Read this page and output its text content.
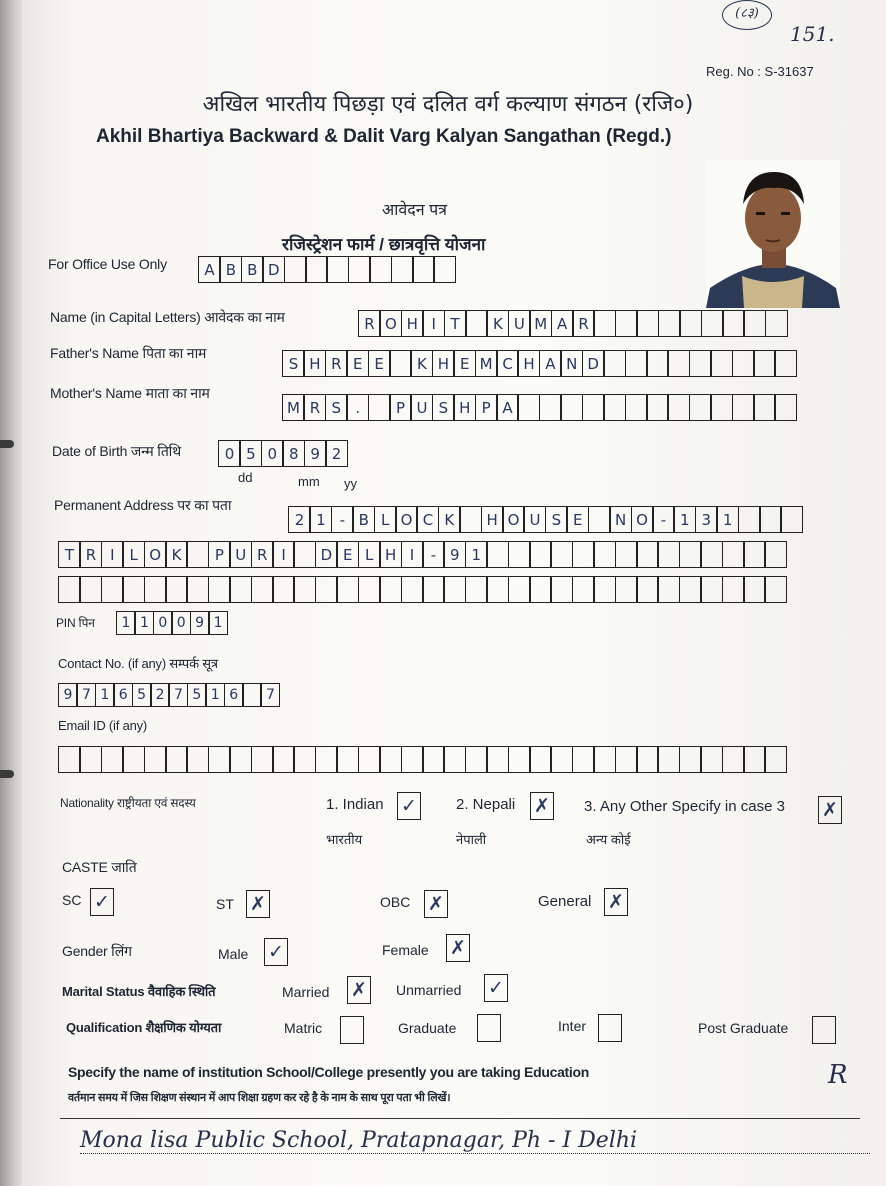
(८३)
151.
Reg. No : S-31637
अखिल भारतीय पिछड़ा एवं दलित वर्ग कल्याण संगठन (रजि०)
Akhil Bhartiya Backward & Dalit Varg Kalyan Sangathan (Regd.)
आवेदन पत्र
रजिस्ट्रेशन फार्म / छात्रवृत्ति योजना
For Office Use Only	A B B D
Name (in Capital Letters) आवेदक का नाम	R O H I T	K U M A R
Father's Name पिता का नाम
S H R E E	K H E M C H A N D
Mother's Name माता का नाम
M R S .	P U S H P A
Date of Birth जन्म तिथि	0 5 0 8 9 2
dd	mm yy
Permanent Address पर का पता
2 1 - B L O C K	H O U S E	N O - 1 3 1
T R I	L O K	P U R I	D E L H I	- 9 1
PIN पिन	1 1 0 0 9 1
Contact No. (if any) सम्पर्क सूत्र
9 7 1 6 5 2 7 5 1 6	7
Email ID (if any)
Nationality राष्ट्रीयता एवं सदस्य	1. Indian ✓
भारतीय
2. Nepali ✗
नेपाली
3. Any Other Specify in case 3 ✗
अन्य कोई
CASTE जाति
SC ✓	ST ✗	OBC ✗	General ✗
Gender लिंग	Male ✓	Female ✗
Marital Status वैवाहिक स्थिति	Married ✗ Unmarried ✓
Qualification शैक्षणिक योग्यता	Matric	Graduate	Inter	Post Graduate
Specify the name of institution School/College presently you are taking Education
वर्तमान समय में जिस शिक्षण संस्थान में आप शिक्षा ग्रहण कर रहे है के नाम के साथ पूरा पता भी लिखें।
R
Mona lisa Public School, Pratapnagar, Ph - I Delhi
